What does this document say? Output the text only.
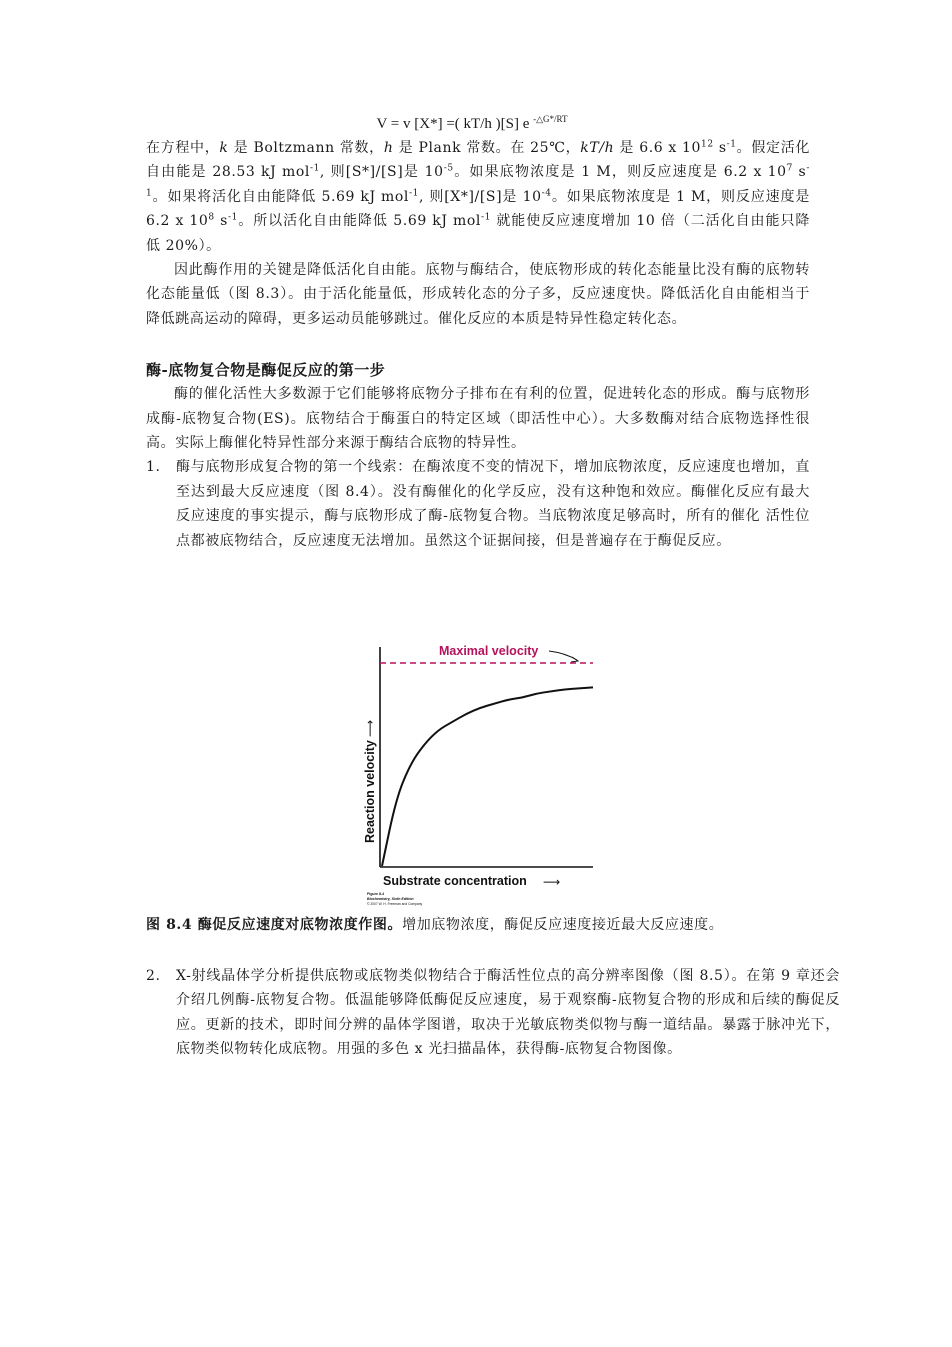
V = v [X*] =( kT/h )[S] e $^{-\triangle G*/RT}$

在方程中，k 是 Boltzmann 常数，h 是 Plank 常数。在 25℃，kT/h 是 6.6 x $10^{12}$ $s^{-1}$。假定活化自由能是 28.53 kJ mol$^{-1}$, 则[S*]/[S]是 $10^{-5}$。如果底物浓度是 1 M，则反应速度是 6.2 x $10^7$ $s^{-1}$。如果将活化自由能降低 5.69 kJ mol$^{-1}$, 则[X*]/[S]是 $10^{-4}$。如果底物浓度是 1 M，则反应速度是 6.2 x $10^8$ $s^{-1}$。所以活化自由能降低 5.69 kJ mol$^{-1}$ 就能使反应速度增加 10 倍（二活化自由能只降低 20%）。

因此酶作用的关键是降低活化自由能。底物与酶结合，使底物形成的转化态能量比没有酶的底物转化态能量低（图 8.3）。由于活化能量低，形成转化态的分子多，反应速度快。降低活化自由能相当于降低跳高运动的障碍，更多运动员能够跳过。催化反应的本质是特异性稳定转化态。

酶-底物复合物是酶促反应的第一步

酶的催化活性大多数源于它们能够将底物分子排布在有利的位置，促进转化态的形成。酶与底物形成酶-底物复合物(ES)。底物结合于酶蛋白的特定区域（即活性中心）。大多数酶对结合底物选择性很高。实际上酶催化特异性部分来源于酶结合底物的特异性。

1. 酶与底物形成复合物的第一个线索：在酶浓度不变的情况下，增加底物浓度，反应速度也增加，直至达到最大反应速度（图 8.4）。没有酶催化的化学反应，没有这种饱和效应。酶催化反应有最大反应速度的事实提示，酶与底物形成了酶-底物复合物。当底物浓度足够高时，所有的催化 活性位点都被底物结合，反应速度无法增加。虽然这个证据间接，但是普遍存在于酶促反应。

Maximal velocity
Reaction velocity
⟶
Substrate concentration ⟶
Figure 8-4
Biochemistry, Sixth Edition
© 2007 W. H. Freeman and Company

图 8.4 酶促反应速度对底物浓度作图。增加底物浓度，酶促反应速度接近最大反应速度。

2. X-射线晶体学分析提供底物或底物类似物结合于酶活性位点的高分辨率图像（图 8.5）。在第 9 章还会介绍几例酶-底物复合物。低温能够降低酶促反应速度，易于观察酶-底物复合物的形成和后续的酶促反应。更新的技术，即时间分辨的晶体学图谱，取决于光敏底物类似物与酶一道结晶。暴露于脉冲光下，底物类似物转化成底物。用强的多色 x 光扫描晶体，获得酶-底物复合物图像。
